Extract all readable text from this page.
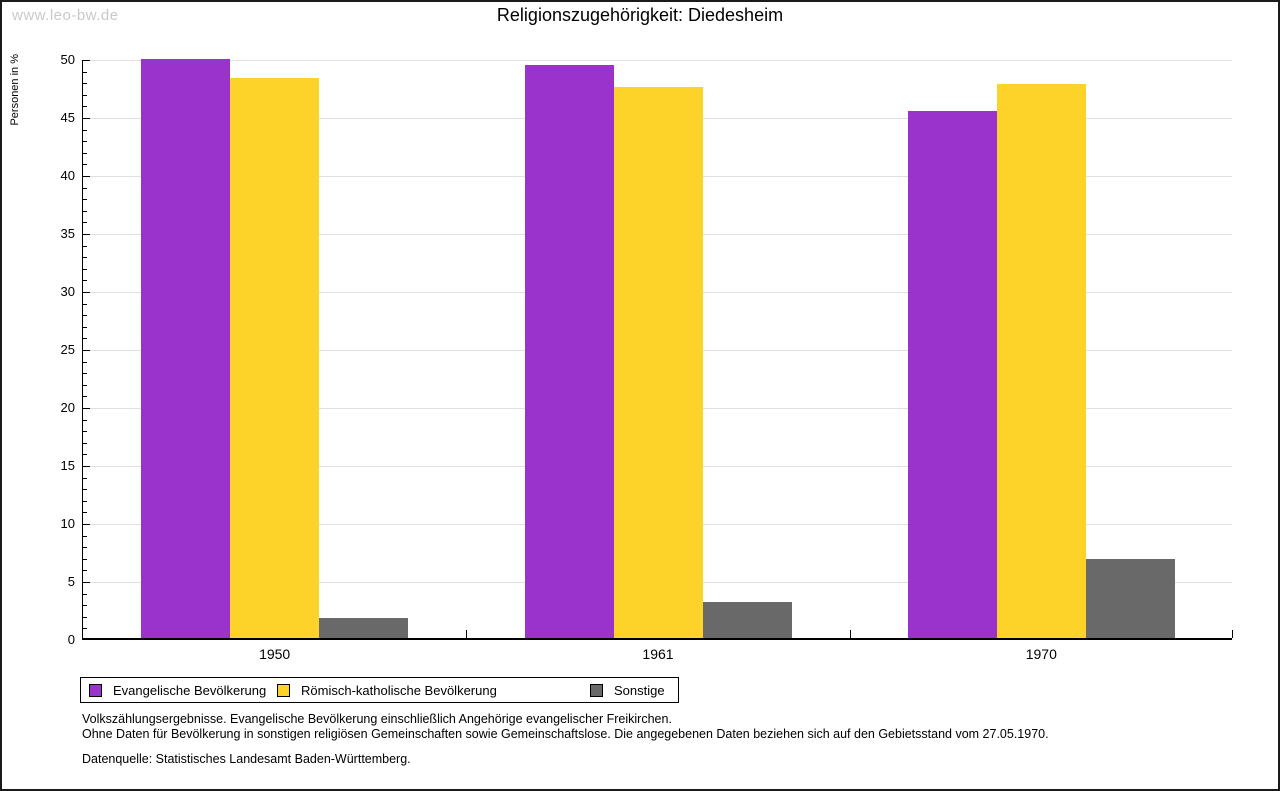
www.leo-bw.de	Religionszugehörigkeit: Diedesheim
Personen in %
0
5
10
15
20
25
30
35
40
45
50
1950	1961	1970
Evangelische Bevölkerung	Römisch-katholische Bevölkerung	Sonstige
Volkszählungsergebnisse. Evangelische Bevölkerung einschließlich Angehörige evangelischer Freikirchen.
Ohne Daten für Bevölkerung in sonstigen religiösen Gemeinschaften sowie Gemeinschaftslose. Die angegebenen Daten beziehen sich auf den Gebietsstand vom 27.05.1970.
Datenquelle: Statistisches Landesamt Baden-Württemberg.
